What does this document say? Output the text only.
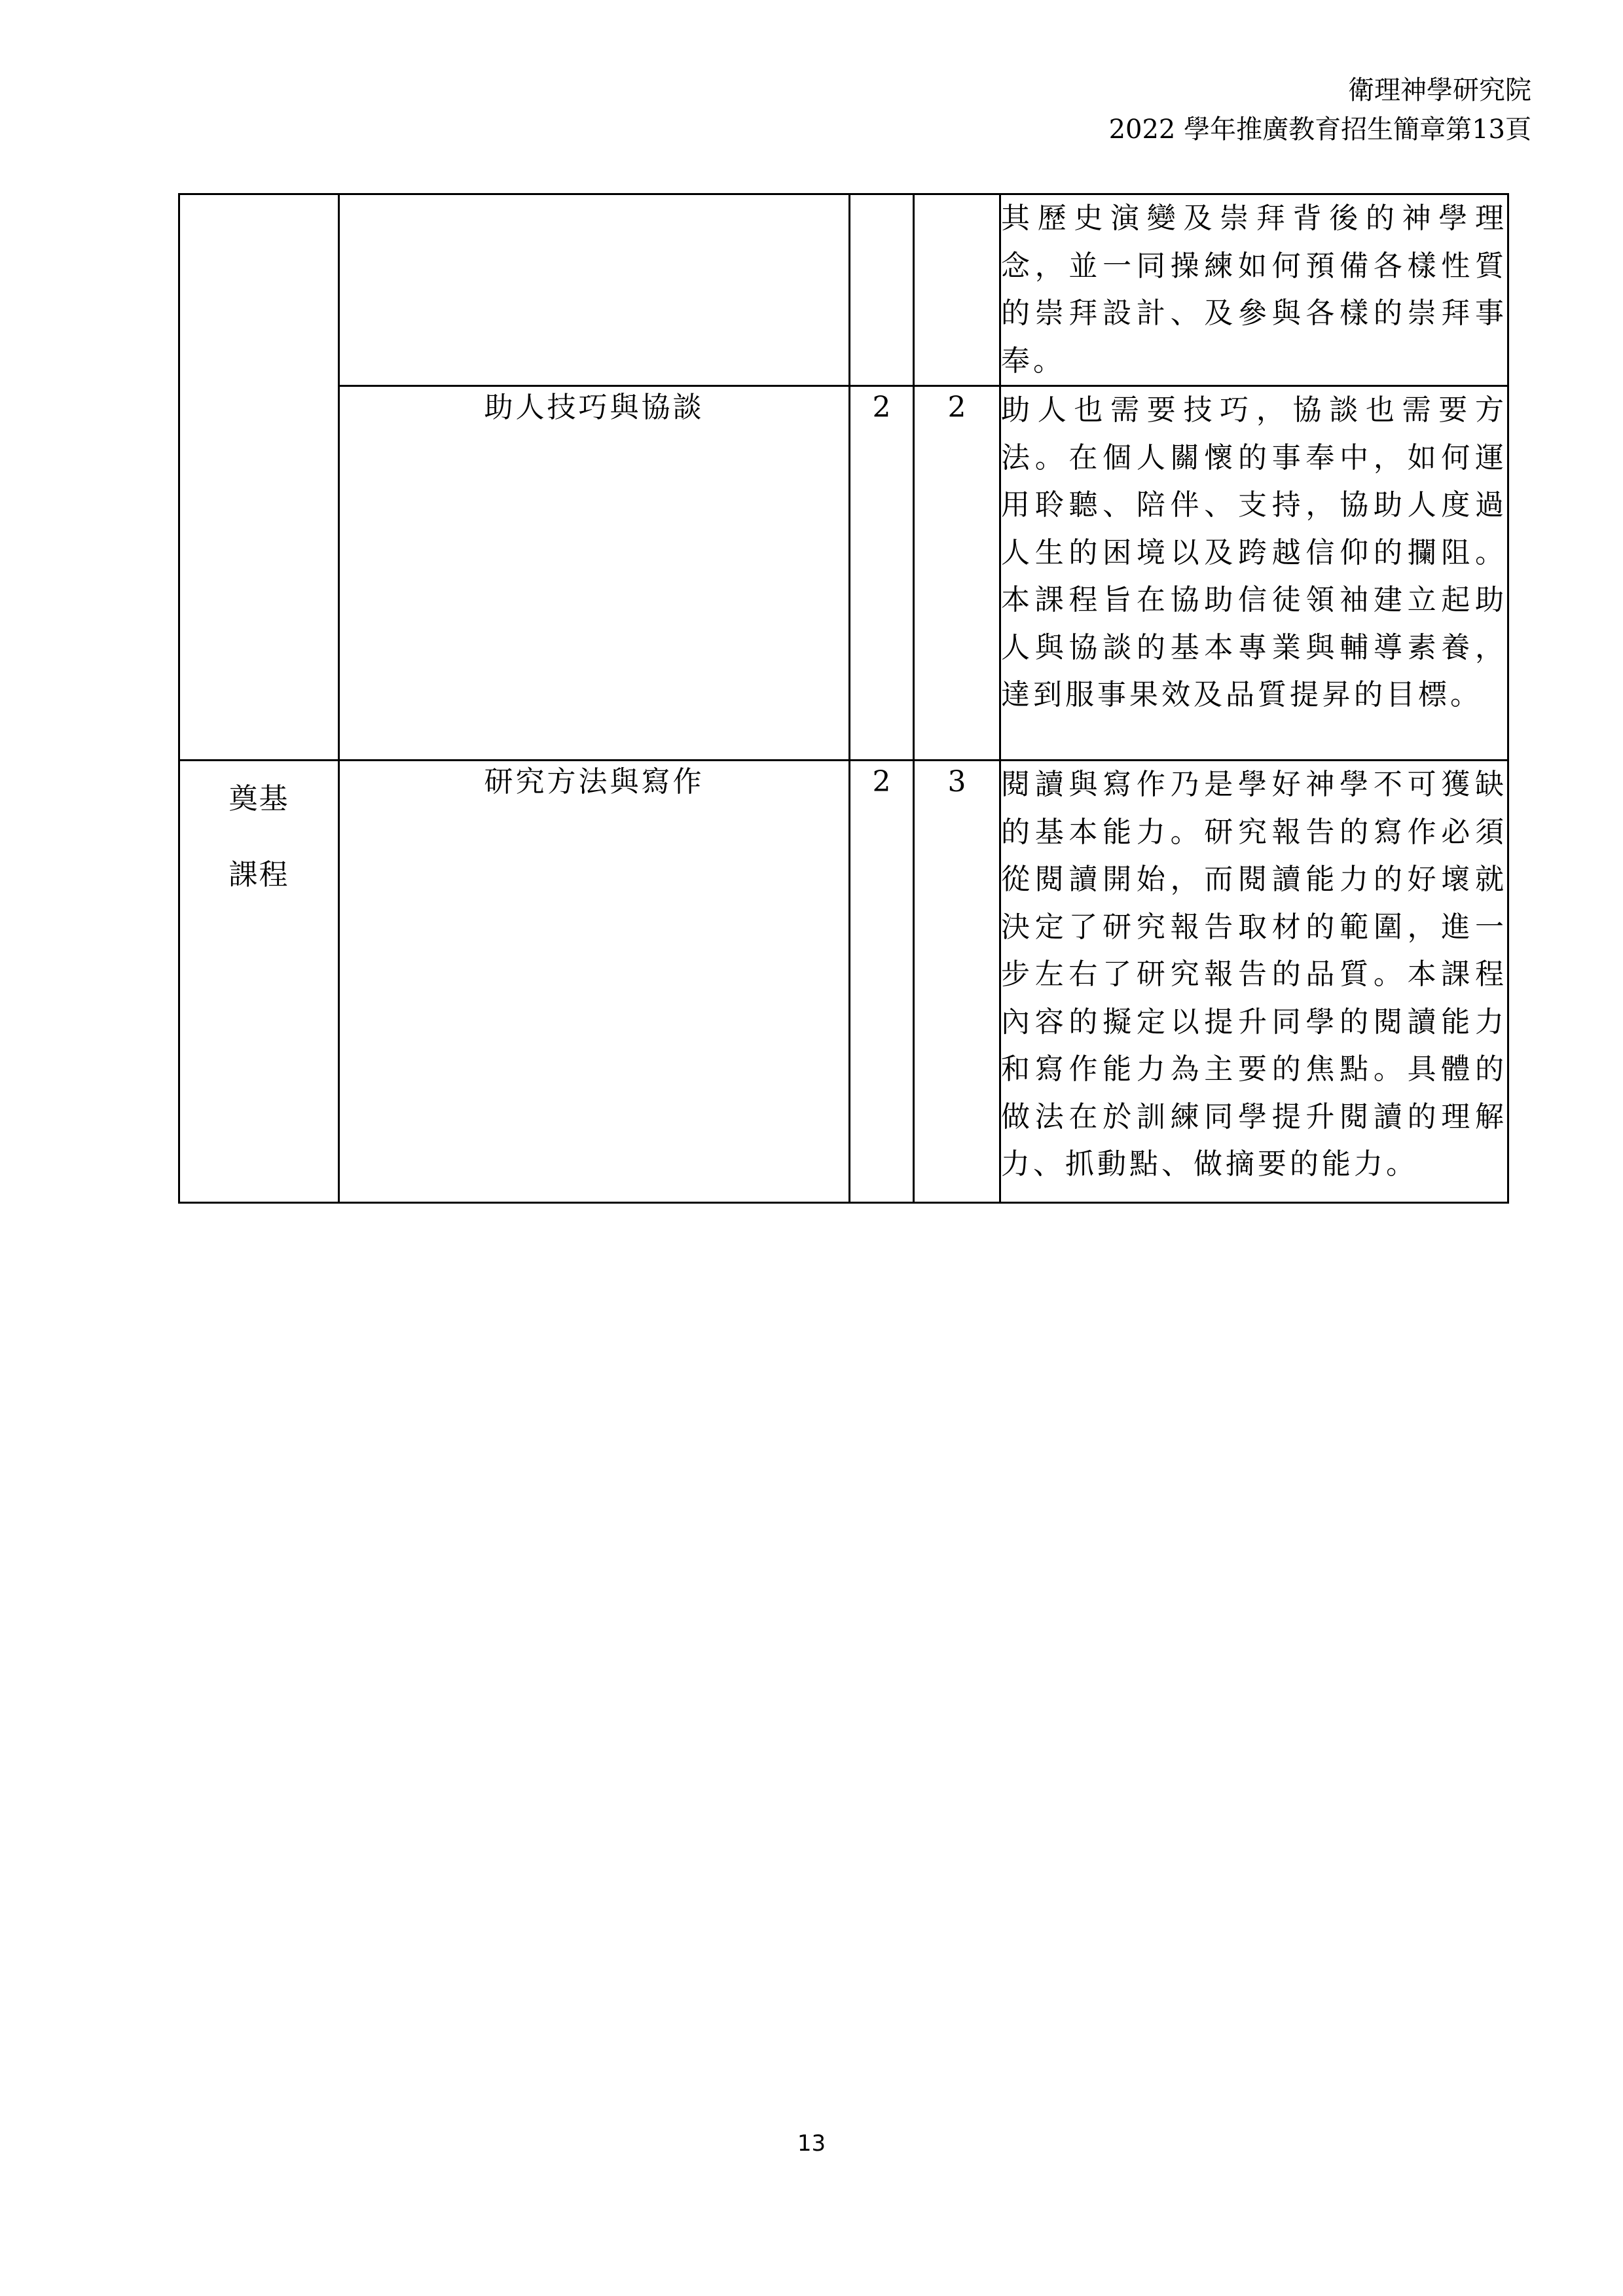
衛理神學研究院
2022 學年推廣教育招生簡章第13頁
				其歷史演變及崇拜背後的神學理念，並一同操練如何預備各樣性質的崇拜設計、及參與各樣的崇拜事奉。
	助人技巧與協談	2	2	助人也需要技巧，協談也需要方法。在個人關懷的事奉中，如何運用聆聽、陪伴、支持，協助人度過人生的困境以及跨越信仰的攔阻。本課程旨在協助信徒領袖建立起助人與協談的基本專業與輔導素養，達到服事果效及品質提昇的目標。

奠基
課程	研究方法與寫作	2	3	閱讀與寫作乃是學好神學不可獲缺的基本能力。研究報告的寫作必須從閱讀開始，而閱讀能力的好壞就決定了研究報告取材的範圍，進一步左右了研究報告的品質。本課程內容的擬定以提升同學的閱讀能力和寫作能力為主要的焦點。具體的做法在於訓練同學提升閱讀的理解力、抓動點、做摘要的能力。
13
